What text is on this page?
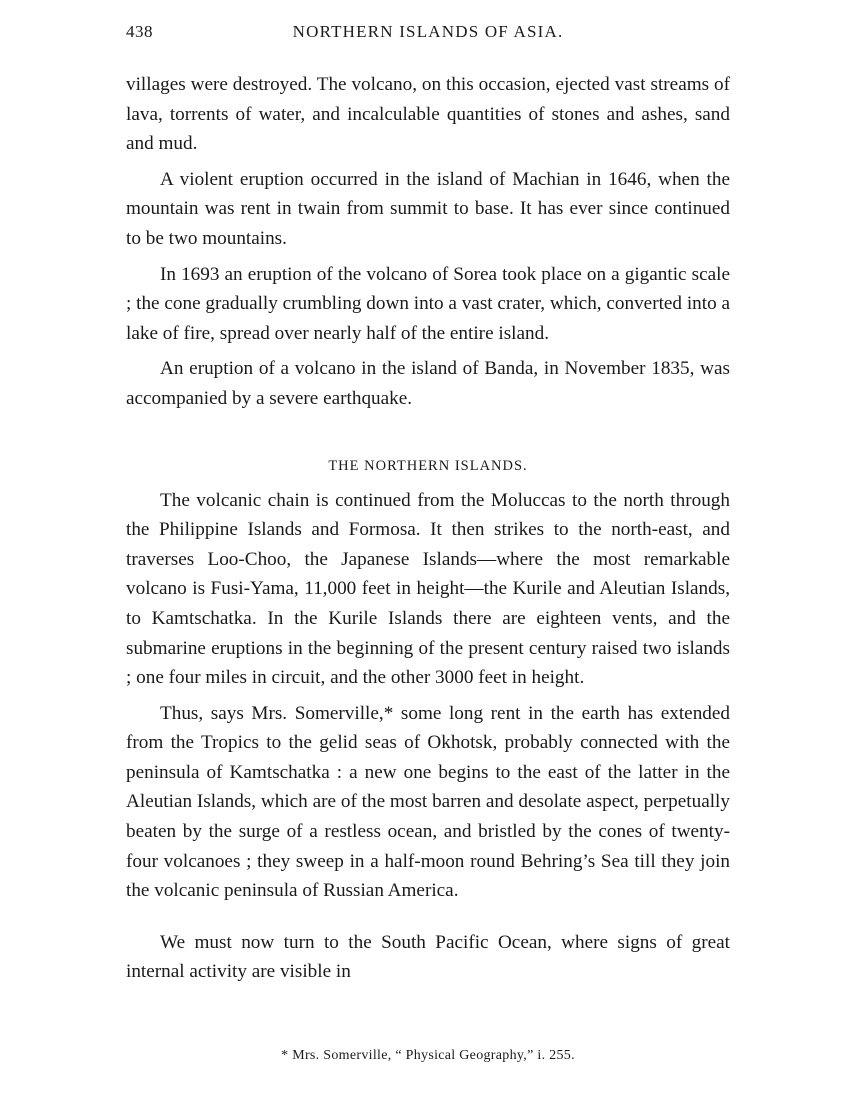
438	NORTHERN ISLANDS OF ASIA.

villages were destroyed. The volcano, on this occasion, ejected vast streams of lava, torrents of water, and incalculable quantities of stones and ashes, sand and mud.

A violent eruption occurred in the island of Machian in 1646, when the mountain was rent in twain from summit to base. It has ever since continued to be two mountains.

In 1693 an eruption of the volcano of Sorea took place on a gigantic scale ; the cone gradually crumbling down into a vast crater, which, converted into a lake of fire, spread over nearly half of the entire island.

An eruption of a volcano in the island of Banda, in November 1835, was accompanied by a severe earthquake.

THE NORTHERN ISLANDS.

The volcanic chain is continued from the Moluccas to the north through the Philippine Islands and Formosa. It then strikes to the north-east, and traverses Loo-Choo, the Japanese Islands—where the most remarkable volcano is Fusi-Yama, 11,000 feet in height—the Kurile and Aleutian Islands, to Kamtschatka. In the Kurile Islands there are eighteen vents, and the submarine eruptions in the beginning of the present century raised two islands ; one four miles in circuit, and the other 3000 feet in height.

Thus, says Mrs. Somerville,* some long rent in the earth has extended from the Tropics to the gelid seas of Okhotsk, probably connected with the peninsula of Kamtschatka : a new one begins to the east of the latter in the Aleutian Islands, which are of the most barren and desolate aspect, perpetually beaten by the surge of a restless ocean, and bristled by the cones of twenty-four volcanoes ; they sweep in a half-moon round Behring’s Sea till they join the volcanic peninsula of Russian America.

We must now turn to the South Pacific Ocean, where signs of great internal activity are visible in

* Mrs. Somerville, “ Physical Geography,” i. 255.
